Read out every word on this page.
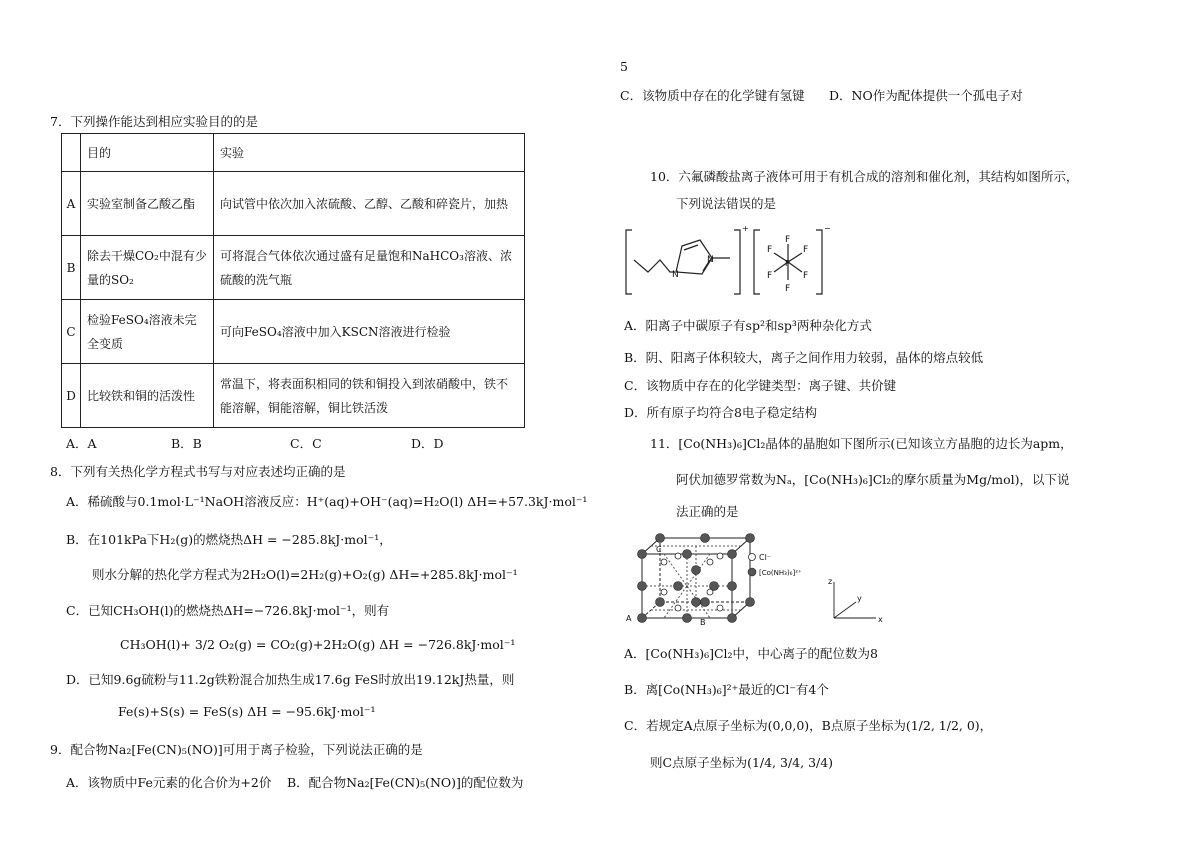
7．下列操作能达到相应实验目的的是
	目的	实验
A	实验室制备乙酸乙酯	向试管中依次加入浓硫酸、乙醇、乙酸和碎瓷片，加热
B	除去干燥CO₂中混有少量的SO₂	可将混合气体依次通过盛有足量饱和NaHCO₃溶液、浓硫酸的洗气瓶
C	检验FeSO₄溶液未完全变质	可向FeSO₄溶液中加入KSCN溶液进行检验
D	比较铁和铜的活泼性	常温下，将表面积相同的铁和铜投入到浓硝酸中，铁不能溶解，铜能溶解，铜比铁活泼
A．A	B．B	C．C	D．D
8．下列有关热化学方程式书写与对应表述均正确的是
A．稀硫酸与0.1mol·L⁻¹NaOH溶液反应：H⁺(aq)+OH⁻(aq)=H₂O(l) ΔH=+57.3kJ·mol⁻¹
B．在101kPa下H₂(g)的燃烧热ΔH = −285.8kJ·mol⁻¹，
则水分解的热化学方程式为2H₂O(l)=2H₂(g)+O₂(g) ΔH=+285.8kJ·mol⁻¹
C．已知CH₃OH(l)的燃烧热ΔH=−726.8kJ·mol⁻¹，则有
CH₃OH(l)+ 3/2 O₂(g) = CO₂(g)+2H₂O(g) ΔH = −726.8kJ·mol⁻¹
D．已知9.6g硫粉与11.2g铁粉混合加热生成17.6g FeS时放出19.12kJ热量，则
Fe(s)+S(s) = FeS(s) ΔH = −95.6kJ·mol⁻¹
9．配合物Na₂[Fe(CN)₅(NO)]可用于离子检验，下列说法正确的是
A．该物质中Fe元素的化合价为+2价 B．配合物Na₂[Fe(CN)₅(NO)]的配位数为
5
C．该物质中存在的化学键有氢键 D．NO作为配体提供一个孤电子对
10．六氟磷酸盐离子液体可用于有机合成的溶剂和催化剂，其结构如图所示，
下列说法错误的是
N
N
F
F	F
F	F
F
P
+	−
A．阳离子中碳原子有sp²和sp³两种杂化方式
B．阴、阳离子体积较大，离子之间作用力较弱，晶体的熔点较低
C．该物质中存在的化学键类型：离子键、共价键
D．所有原子均符合8电子稳定结构
11．[Co(NH₃)₆]Cl₂晶体的晶胞如下图所示(已知该立方晶胞的边长为apm，
阿伏加德罗常数为Nₐ，[Co(NH₃)₆]Cl₂的摩尔质量为Mg/mol)，以下说
法正确的是
Cl⁻
[Co(NH₃)₆]²⁺
A	B
C
z
y
x
A．[Co(NH₃)₆]Cl₂中，中心离子的配位数为8
B．离[Co(NH₃)₆]²⁺最近的Cl⁻有4个
C．若规定A点原子坐标为(0,0,0)，B点原子坐标为(1/2, 1/2, 0)，
则C点原子坐标为(1/4, 3/4, 3/4)
